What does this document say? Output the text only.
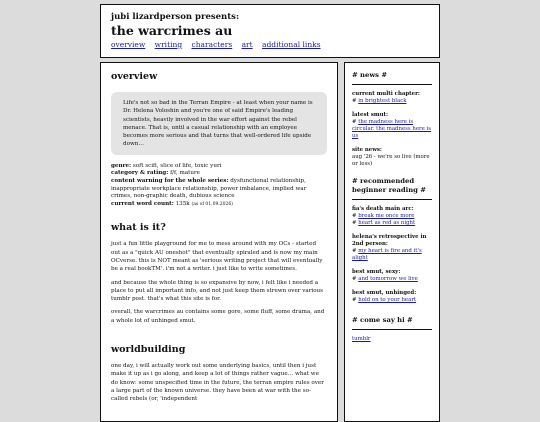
jubi lizardperson presents:
the warcrimes au
overview writing characters art additional links
overview

Life's not so bad in the Terran Empire - at least when your name is Dr. Helena Voloshin and you're one of said Empire's leading scientists, heavily involved in the war effort against the rebel menace. That is, until a casual relationship with an employee becomes more serious and that turns that well-ordered life upside down…

genre: soft scifi, slice of life, toxic yuri
category & rating: f/f, mature
content warning for the whole series: dysfunctional relationship, inappropriate workplace relationship, power imbalance, implied war crimes, non-graphic death, dubious science
current word count: 135k (as of 01.09.2026)
what is it?

just a fun little playground for me to mess around with my OCs - started out as a "quick AU oneshot" that eventually spiraled and is now my main OCverse. this is NOT meant as 'serious writing project that will eventually be a real bookTM'. i'm not a writer. i just like to write sometimes.

and because the whole thing is so expansive by now, i felt like i needed a place to put all important info, and not just keep them strewn over various tumblr post. that's what this site is for.

overall, the warcrimes au contains some gore, some fluff, some drama, and a whole lot of unhinged smut.

worldbuilding

one day, i will actually work out some underlying basics, until then i just make it up as i go along, and keep a lot of things rather vague… what we do know: some unspecified time in the future, the terran empire rules over a large part of the known universe. they have been at war with the so-called rebels (or, 'independent

# news #
current multi chapter:
# in brightest black
latest smut:
# the madness here is circular. the madness here is us
site news:
aug '26 - we're so live (more or less)
# recommended beginner reading #
fia's death main arc:
# break me once more
# heart as red as night
helena's retrospective in 2nd person:
# my heart is fire and it's alight
best smut, sexy:
# and tomorrow we live
best smut, unhinged:
# hold on to your heart
# come say hi #
tumblr
